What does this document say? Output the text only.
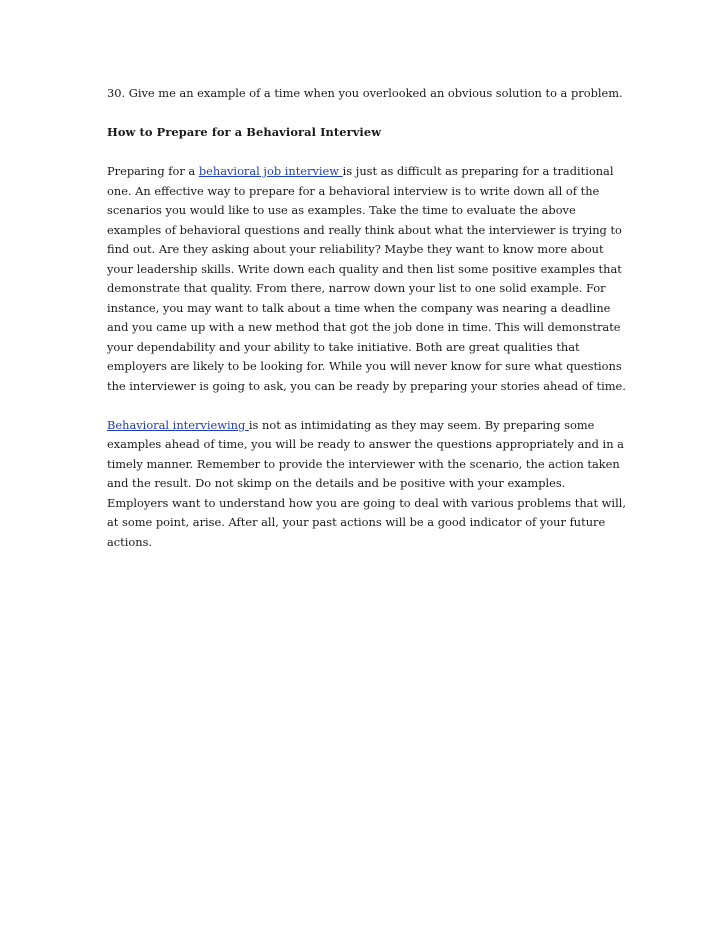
30. Give me an example of a time when you overlooked an obvious solution to a problem.

How to Prepare for a Behavioral Interview

Preparing for a behavioral job interview is just as difficult as preparing for a traditional one. An effective way to prepare for a behavioral interview is to write down all of the scenarios you would like to use as examples. Take the time to evaluate the above examples of behavioral questions and really think about what the interviewer is trying to find out. Are they asking about your reliability? Maybe they want to know more about your leadership skills. Write down each quality and then list some positive examples that demonstrate that quality. From there, narrow down your list to one solid example. For instance, you may want to talk about a time when the company was nearing a deadline and you came up with a new method that got the job done in time. This will demonstrate your dependability and your ability to take initiative. Both are great qualities that employers are likely to be looking for. While you will never know for sure what questions the interviewer is going to ask, you can be ready by preparing your stories ahead of time.

Behavioral interviewing is not as intimidating as they may seem. By preparing some examples ahead of time, you will be ready to answer the questions appropriately and in a timely manner. Remember to provide the interviewer with the scenario, the action taken and the result. Do not skimp on the details and be positive with your examples. Employers want to understand how you are going to deal with various problems that will, at some point, arise. After all, your past actions will be a good indicator of your future actions.
